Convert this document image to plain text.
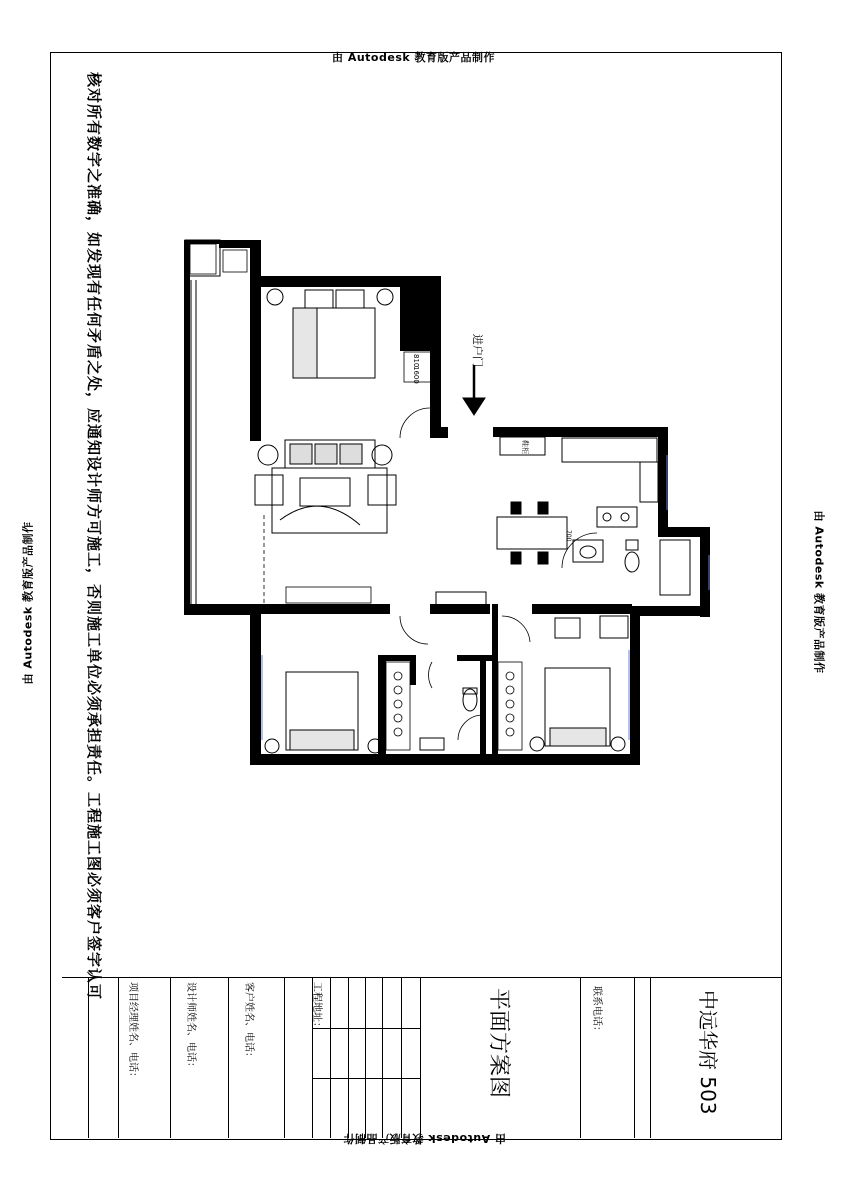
由 Autodesk 教育版产品制作
由 Autodesk 教育版产品制作
由 Autodesk 教育版产品制作	由 Autodesk 教育版产品制作
核对所有数字之准确，如发现有任何矛盾之处，应通知设计师方可施工，否则施工单位必须承担责任。工程施工图必须客户签字认可	进户门
810
1600
700
鞋柜
项目经理姓名、电话：	设计师姓名、电话：	客户姓名、电话：	工程地址：	平面方案图	联系电话：	中远华府 503
